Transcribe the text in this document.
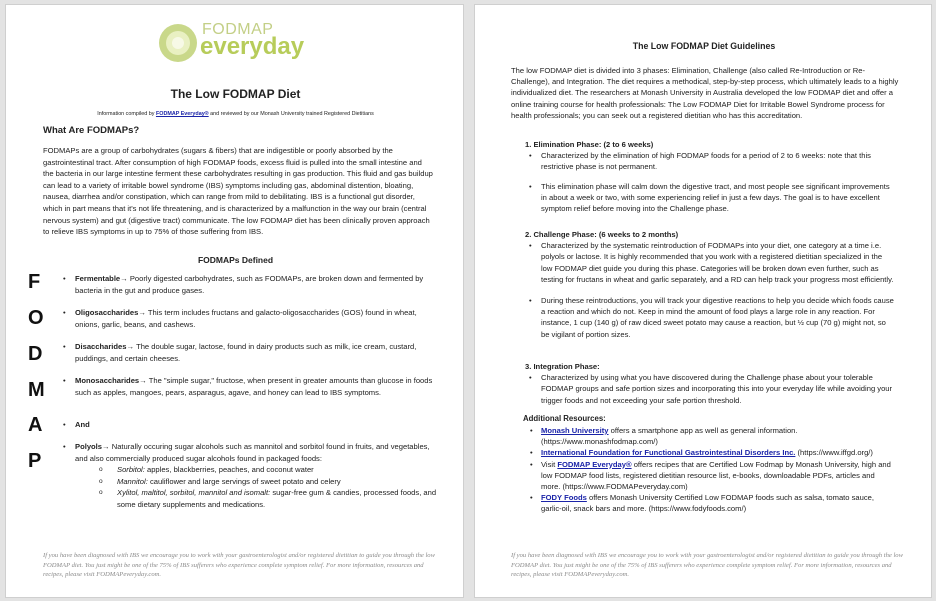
FODMAP
everyday
The Low FODMAP Diet
Information compiled by FODMAP Everyday® and reviewed by our Monash University trained Registered Dietitians
What Are FODMAPs?
FODMAPs are a group of carbohydrates (sugars & fibers) that are indigestible or poorly absorbed by the gastrointestinal tract. After consumption of high FODMAP foods, excess fluid is pulled into the small intestine and the bacteria in our large intestine ferment these carbohydrates resulting in gas production. This fluid and gas buildup can lead to a variety of irritable bowel syndrome (IBS) symptoms including gas, abdominal distention, bloating, nausea, diarrhea and/or constipation, which can range from mild to debilitating. IBS is a functional gut disorder, which in part means that it's not life threatening, and is characterized by a malfunction in the way our brain (central nervous system) and gut (digestive tract) communicate. The low FODMAP diet has been clinically proven approach to relieve IBS symptoms in up to 75% of those suffering from IBS.
FODMAPs Defined
F
O
D
M
A
P
• Fermentable→ Poorly digested carbohydrates, such as FODMAPs, are broken down and fermented by bacteria in the gut and produce gases.
• Oligosaccharides→ This term includes fructans and galacto-oligosaccharides (GOS) found in wheat, onions, garlic, beans, and cashews.
• Disaccharides→ The double sugar, lactose, found in dairy products such as milk, ice cream, custard, puddings, and certain cheeses.
• Monosaccharides→ The "simple sugar," fructose, when present in greater amounts than glucose in foods such as apples, mangoes, pears, asparagus, agave, and honey can lead to IBS symptoms.
• And
• Polyols→ Naturally occuring sugar alcohols such as mannitol and sorbitol found in fruits, and vegetables, and also commercially produced sugar alcohols found in packaged foods:
o Sorbitol: apples, blackberries, peaches, and coconut water
o Mannitol: cauliflower and large servings of sweet potato and celery
o Xylitol, maltitol, sorbitol, mannitol and isomalt: sugar-free gum & candies, processed foods, and some dietary supplements and medications.
If you have been diagnosed with IBS we encourage you to work with your gastroenterologist and/or registered dietitian to guide you through the low FODMAP diet. You just might be one of the 75% of IBS sufferers who experience complete symptom relief. For more information, resources and recipes, please visit FODMAPeveryday.com.
The Low FODMAP Diet Guidelines
The low FODMAP diet is divided into 3 phases: Elimination, Challenge (also called Re-Introduction or Re-Challenge), and Integration. The diet requires a methodical, step-by-step process, which ultimately leads to a highly individualized diet. The researchers at Monash University in Australia developed the low FODMAP diet and offer a online training course for health professionals: The Low FODMAP Diet for Irritable Bowel Syndrome process for health professionals; you can seek out a registered dietitian who has this accreditation.
1. Elimination Phase: (2 to 6 weeks)
• Characterized by the elimination of high FODMAP foods for a period of 2 to 6 weeks: note that this restrictive phase is not permanent.
• This elimination phase will calm down the digestive tract, and most people see significant improvements in about a week or two, with some experiencing relief in just a few days. The goal is to have excellent symptom relief before moving into the Challenge phase.
2. Challenge Phase: (6 weeks to 2 months)
• Characterized by the systematic reintroduction of FODMAPs into your diet, one category at a time i.e. polyols or lactose. It is highly recommended that you work with a registered dietitian specialized in the low FODMAP diet guide you during this phase. Categories will be broken down even further, such as testing for fructans in wheat and garlic separately, and a RD can help track your progress most efficiently.
• During these reintroductions, you will track your digestive reactions to help you decide which foods cause a reaction and which do not. Keep in mind the amount of food plays a large role in any reaction. For instance, 1 cup (140 g) of raw diced sweet potato may cause a reaction, but ½ cup (70 g) might not, so be vigilant of portion sizes.
3. Integration Phase:
• Characterized by using what you have discovered during the Challenge phase about your tolerable FODMAP groups and safe portion sizes and incorporating this into your everyday life while avoiding your trigger foods and not exceeding your safe portion threshold.
Additional Resources:
• Monash University offers a smartphone app as well as general information. (https://www.monashfodmap.com/)
• International Foundation for Functional Gastrointestinal Disorders Inc. (https://www.iffgd.org/)
• Visit FODMAP Everyday® offers recipes that are Certified Low Fodmap by Monash University, high and low FODMAP food lists, registered dietitian resource list, e-books, downloadable PDFs, articles and more. (https://www.FODMAPeveryday.com)
• FODY Foods offers Monash University Certified Low FODMAP foods such as salsa, tomato sauce, garlic-oil, snack bars and more. (https://www.fodyfoods.com/)
If you have been diagnosed with IBS we encourage you to work with your gastroenterologist and/or registered dietitian to guide you through the low FODMAP diet. You just might be one of the 75% of IBS sufferers who experience complete symptom relief. For more information, resources and recipes, please visit FODMAPeveryday.com.
